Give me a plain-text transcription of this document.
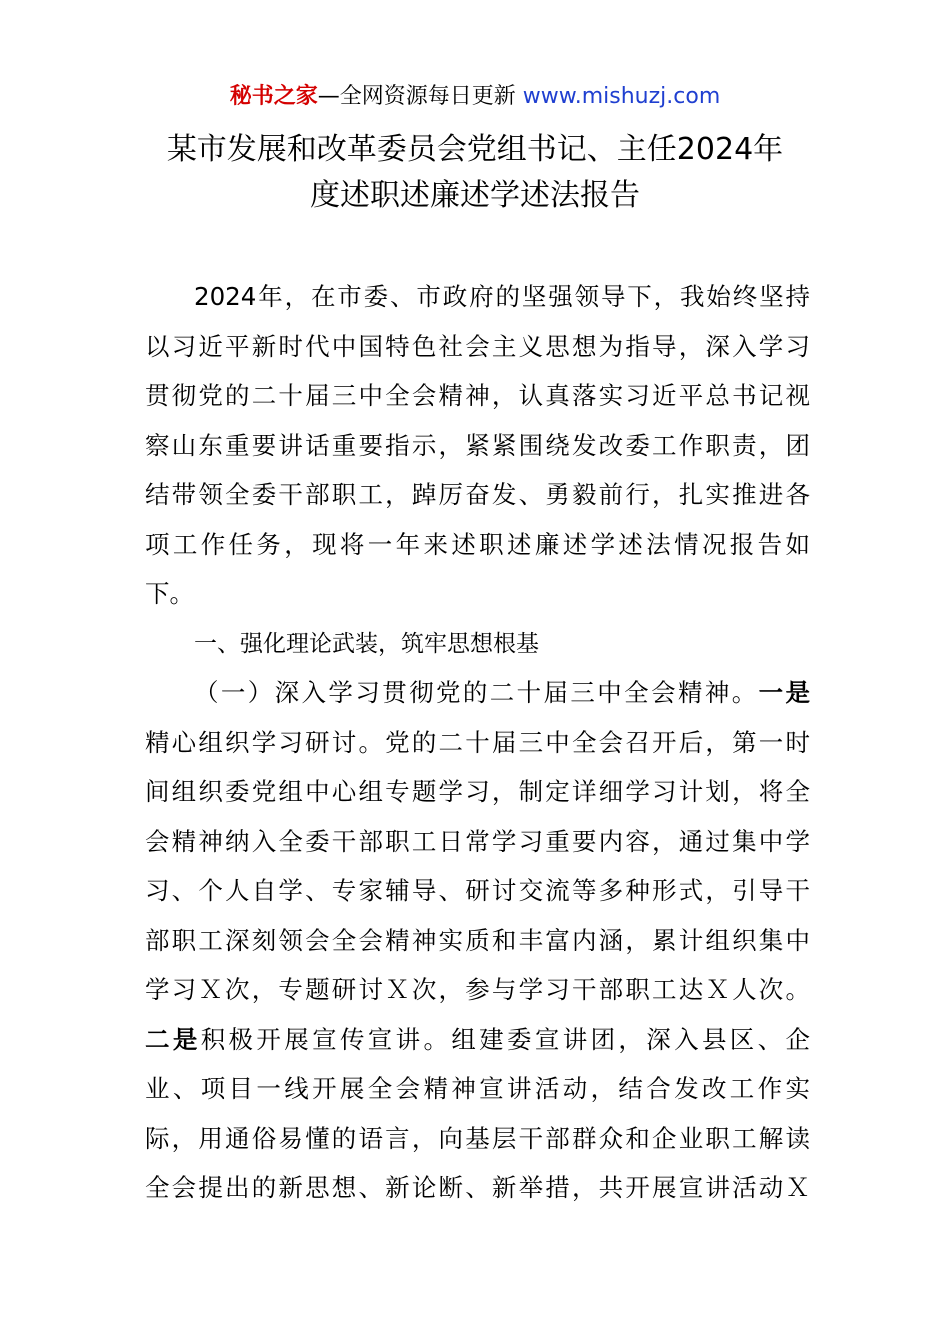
秘书之家—全网资源每日更新 www.mishuzj.com
某市发展和改革委员会党组书记、主任2024年
度述职述廉述学述法报告
2024年，在市委、市政府的坚强领导下，我始终坚持
以习近平新时代中国特色社会主义思想为指导，深入学习
贯彻党的二十届三中全会精神，认真落实习近平总书记视
察山东重要讲话重要指示，紧紧围绕发改委工作职责，团
结带领全委干部职工，踔厉奋发、勇毅前行，扎实推进各
项工作任务，现将一年来述职述廉述学述法情况报告如
下。
一、强化理论武装，筑牢思想根基
（一）深入学习贯彻党的二十届三中全会精神。一是
精心组织学习研讨。党的二十届三中全会召开后，第一时
间组织委党组中心组专题学习，制定详细学习计划，将全
会精神纳入全委干部职工日常学习重要内容，通过集中学
习、个人自学、专家辅导、研讨交流等多种形式，引导干
部职工深刻领会全会精神实质和丰富内涵，累计组织集中
学习Ｘ次，专题研讨Ｘ次，参与学习干部职工达Ｘ人次。
二是积极开展宣传宣讲。组建委宣讲团，深入县区、企
业、项目一线开展全会精神宣讲活动，结合发改工作实
际，用通俗易懂的语言，向基层干部群众和企业职工解读
全会提出的新思想、新论断、新举措，共开展宣讲活动Ｘ
